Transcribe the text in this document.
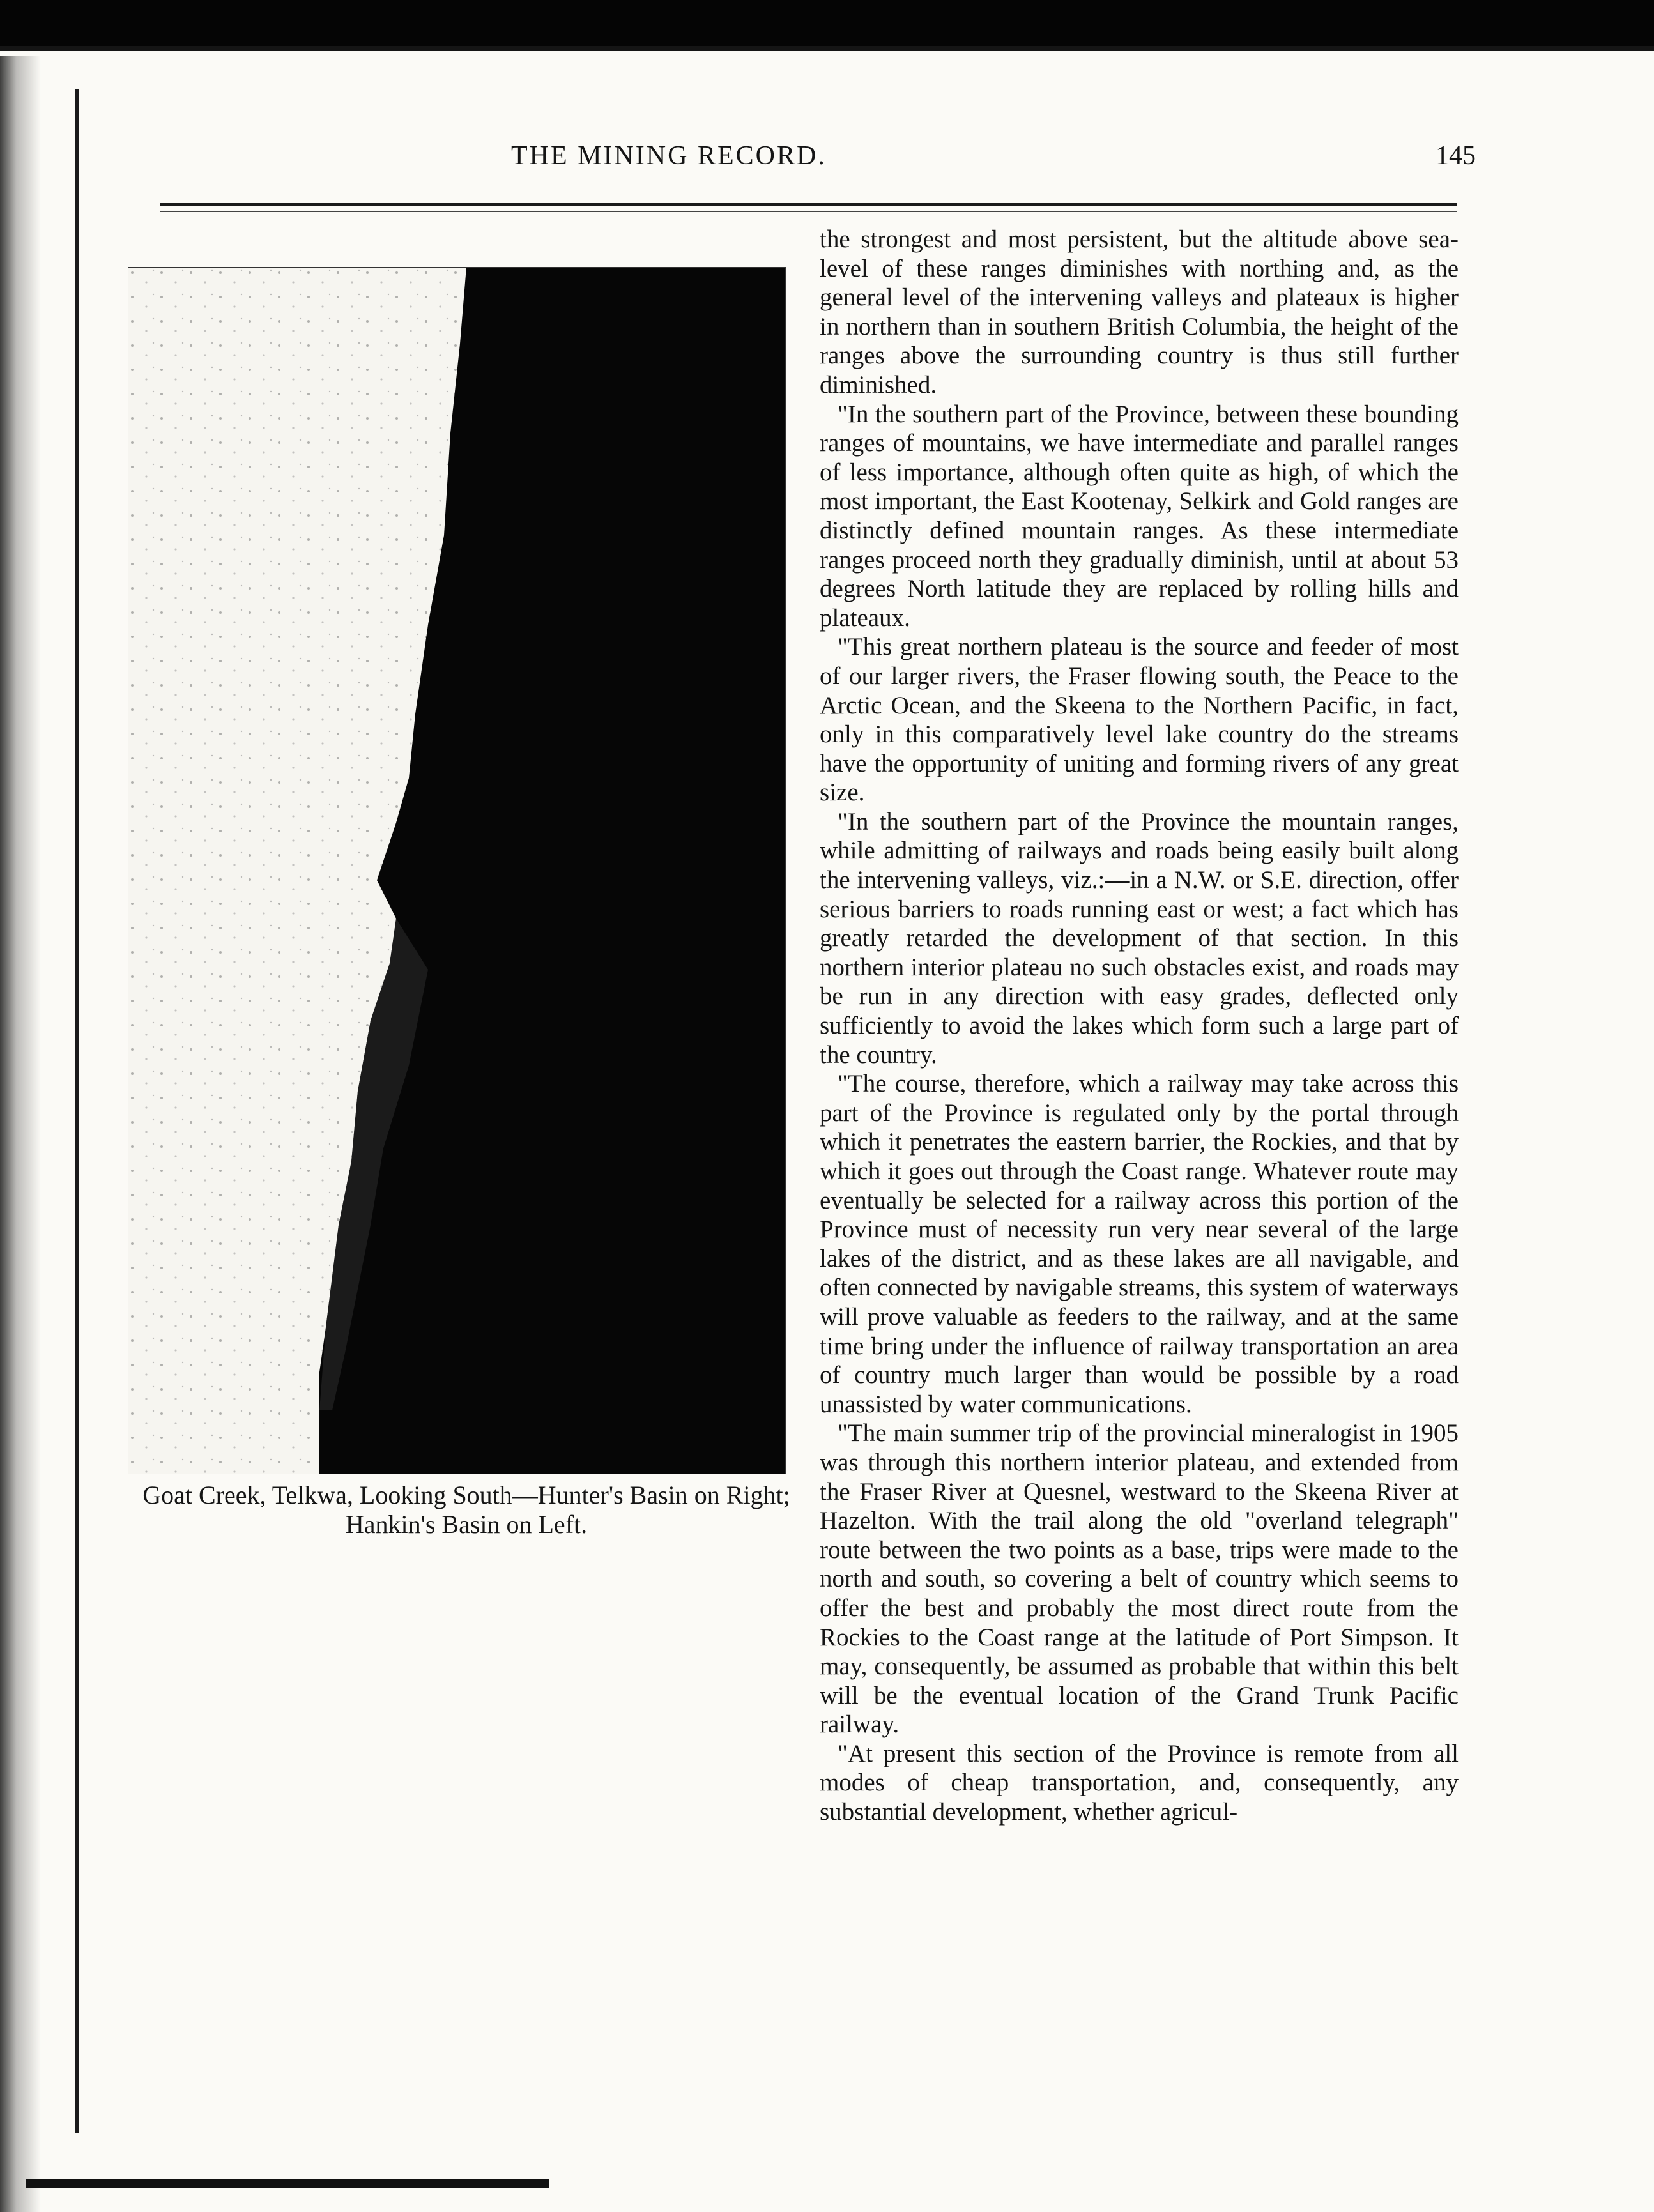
THE MINING RECORD.	145

Goat Creek, Telkwa, Looking South—Hunter's Basin on Right; Hankin's Basin on Left.

the strongest and most persistent, but the altitude above sea-level of these ranges diminishes with northing and, as the general level of the intervening valleys and plateaux is higher in northern than in southern British Columbia, the height of the ranges above the surrounding country is thus still further diminished.

"In the southern part of the Province, between these bounding ranges of mountains, we have intermediate and parallel ranges of less importance, although often quite as high, of which the most important, the East Kootenay, Selkirk and Gold ranges are distinctly defined mountain ranges. As these intermediate ranges proceed north they gradually diminish, until at about 53 degrees North latitude they are replaced by rolling hills and plateaux.

"This great northern plateau is the source and feeder of most of our larger rivers, the Fraser flowing south, the Peace to the Arctic Ocean, and the Skeena to the Northern Pacific, in fact, only in this comparatively level lake country do the streams have the opportunity of uniting and forming rivers of any great size.

"In the southern part of the Province the mountain ranges, while admitting of railways and roads being easily built along the intervening valleys, viz.:—in a N.W. or S.E. direction, offer serious barriers to roads running east or west; a fact which has greatly retarded the development of that section. In this northern interior plateau no such obstacles exist, and roads may be run in any direction with easy grades, deflected only sufficiently to avoid the lakes which form such a large part of the country.

"The course, therefore, which a railway may take across this part of the Province is regulated only by the portal through which it penetrates the eastern barrier, the Rockies, and that by which it goes out through the Coast range. Whatever route may eventually be selected for a railway across this portion of the Province must of necessity run very near several of the large lakes of the district, and as these lakes are all navigable, and often connected by navigable streams, this system of waterways will prove valuable as feeders to the railway, and at the same time bring under the influence of railway transportation an area of country much larger than would be possible by a road unassisted by water communications.

"The main summer trip of the provincial mineralogist in 1905 was through this northern interior plateau, and extended from the Fraser River at Quesnel, westward to the Skeena River at Hazelton. With the trail along the old "overland telegraph" route between the two points as a base, trips were made to the north and south, so covering a belt of country which seems to offer the best and probably the most direct route from the Rockies to the Coast range at the latitude of Port Simpson. It may, consequently, be assumed as probable that within this belt will be the eventual location of the Grand Trunk Pacific railway.

"At present this section of the Province is remote from all modes of cheap transportation, and, consequently, any substantial development, whether agricul-
